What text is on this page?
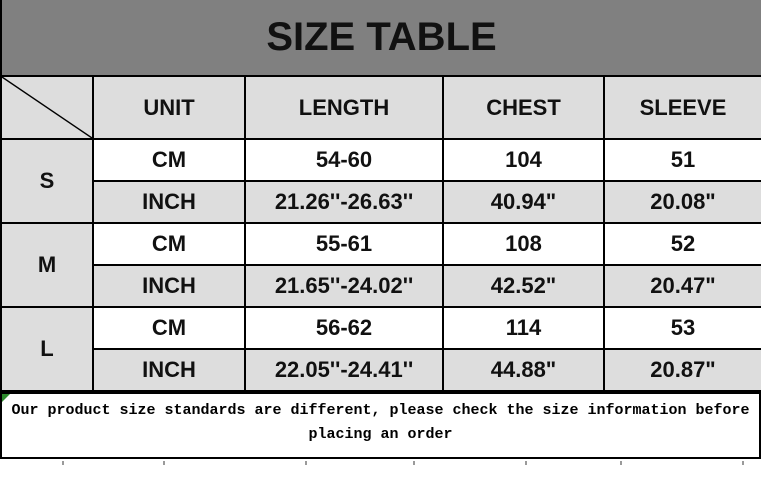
SIZE TABLE
	UNIT	LENGTH	CHEST	SLEEVE
S	CM	54-60	104	51
	INCH	21.26''-26.63''	40.94"	20.08"
M	CM	55-61	108	52
	INCH	21.65''-24.02''	42.52"	20.47"
L	CM	56-62	114	53
	INCH	22.05''-24.41''	44.88"	20.87"
Our product size standards are different, please check the size information before placing an order
